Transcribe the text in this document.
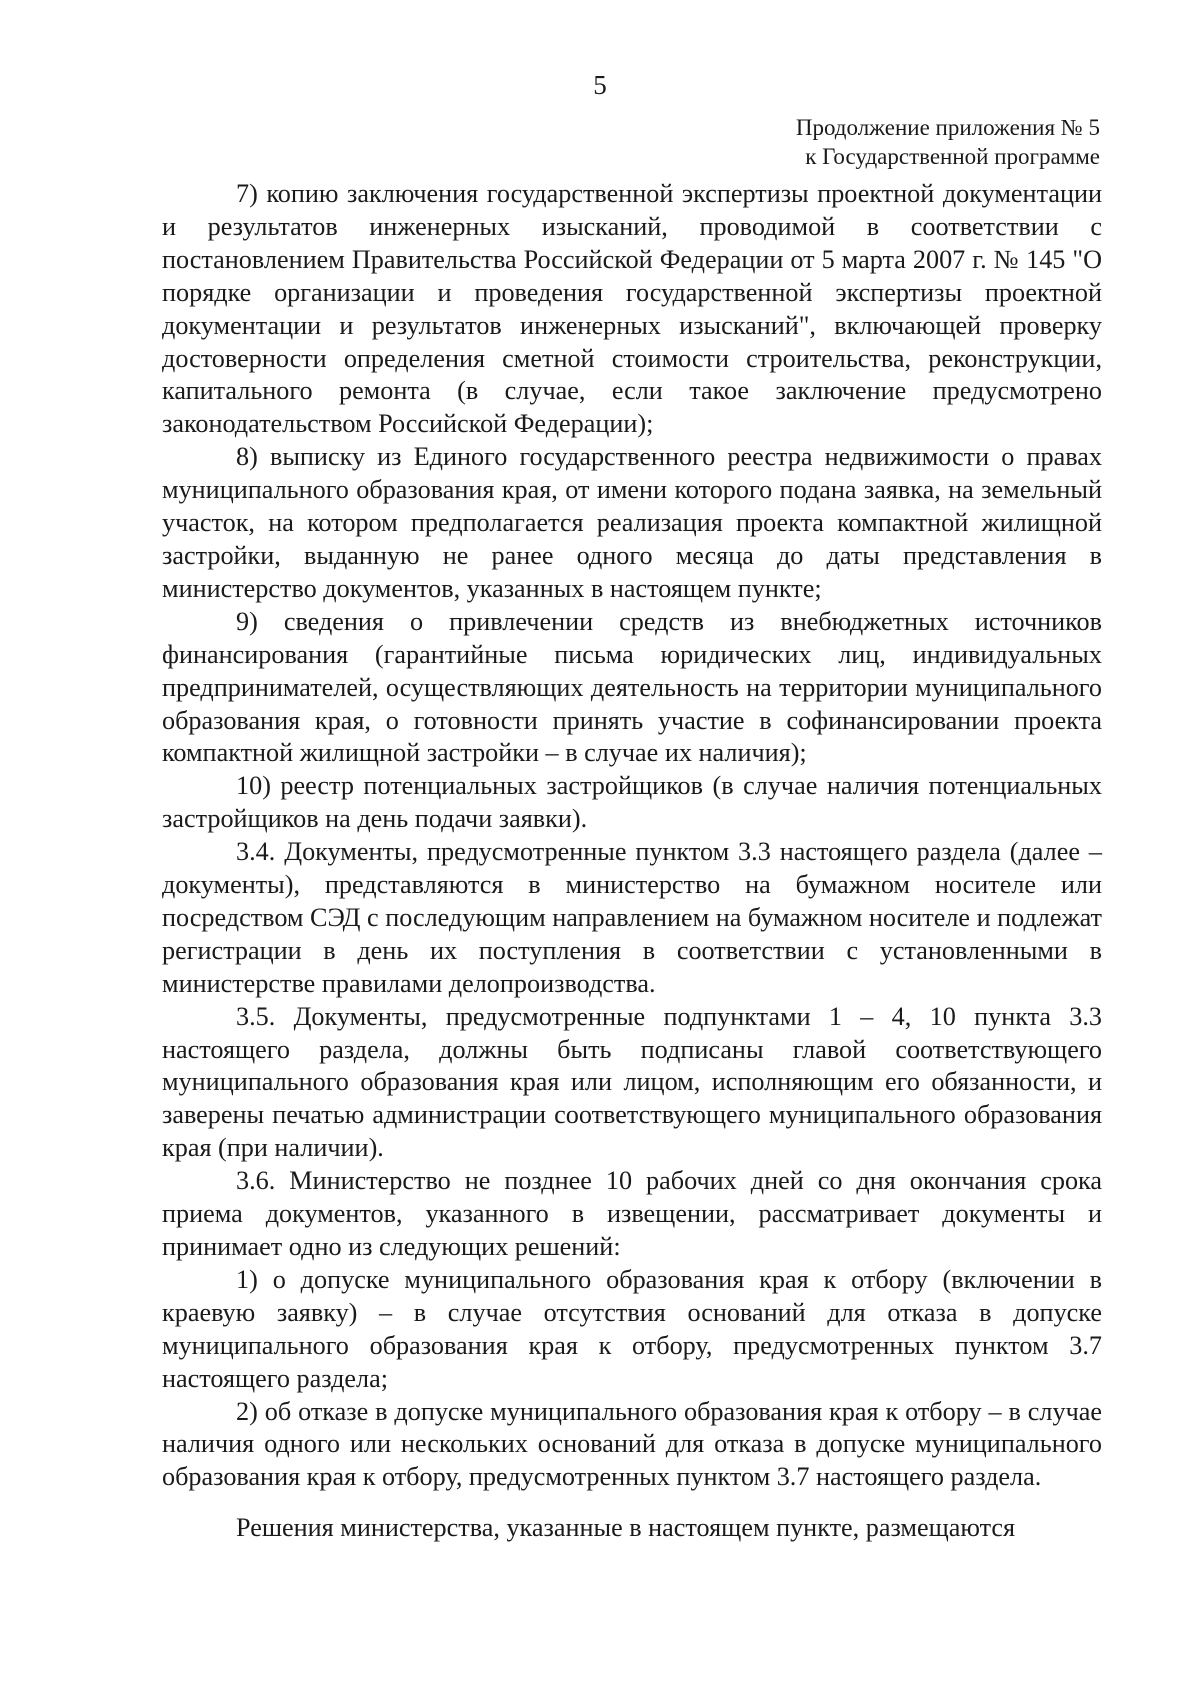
5
Продолжение приложения № 5
к Государственной программе

7) копию заключения государственной экспертизы проектной документации и результатов инженерных изысканий, проводимой в соответствии с постановлением Правительства Российской Федерации от 5 марта 2007 г. № 145 "О порядке организации и проведения государственной экспертизы проектной документации и результатов инженерных изысканий", включающей проверку достоверности определения сметной стоимости строительства, реконструкции, капитального ремонта (в случае, если такое заключение предусмотрено законодательством Российской Федерации);

8) выписку из Единого государственного реестра недвижимости о правах муниципального образования края, от имени которого подана заявка, на земельный участок, на котором предполагается реализация проекта компактной жилищной застройки, выданную не ранее одного месяца до даты представления в министерство документов, указанных в настоящем пункте;

9) сведения о привлечении средств из внебюджетных источников финансирования (гарантийные письма юридических лиц, индивидуальных предпринимателей, осуществляющих деятельность на территории муниципального образования края, о готовности принять участие в софинансировании проекта компактной жилищной застройки – в случае их наличия);

10) реестр потенциальных застройщиков (в случае наличия потенциальных застройщиков на день подачи заявки).

3.4. Документы, предусмотренные пунктом 3.3 настоящего раздела (далее – документы), представляются в министерство на бумажном носителе или посредством СЭД с последующим направлением на бумажном носителе и подлежат регистрации в день их поступления в соответствии с установленными в министерстве правилами делопроизводства.

3.5. Документы, предусмотренные подпунктами 1 – 4, 10 пункта 3.3 настоящего раздела, должны быть подписаны главой соответствующего муниципального образования края или лицом, исполняющим его обязанности, и заверены печатью администрации соответствующего муниципального образования края (при наличии).

3.6. Министерство не позднее 10 рабочих дней со дня окончания срока приема документов, указанного в извещении, рассматривает документы и принимает одно из следующих решений:

1) о допуске муниципального образования края к отбору (включении в краевую заявку) – в случае отсутствия оснований для отказа в допуске муниципального образования края к отбору, предусмотренных пунктом 3.7 настоящего раздела;

2) об отказе в допуске муниципального образования края к отбору – в случае наличия одного или нескольких оснований для отказа в допуске муниципального образования края к отбору, предусмотренных пунктом 3.7 настоящего раздела.

Решения министерства, указанные в настоящем пункте, размещаются
